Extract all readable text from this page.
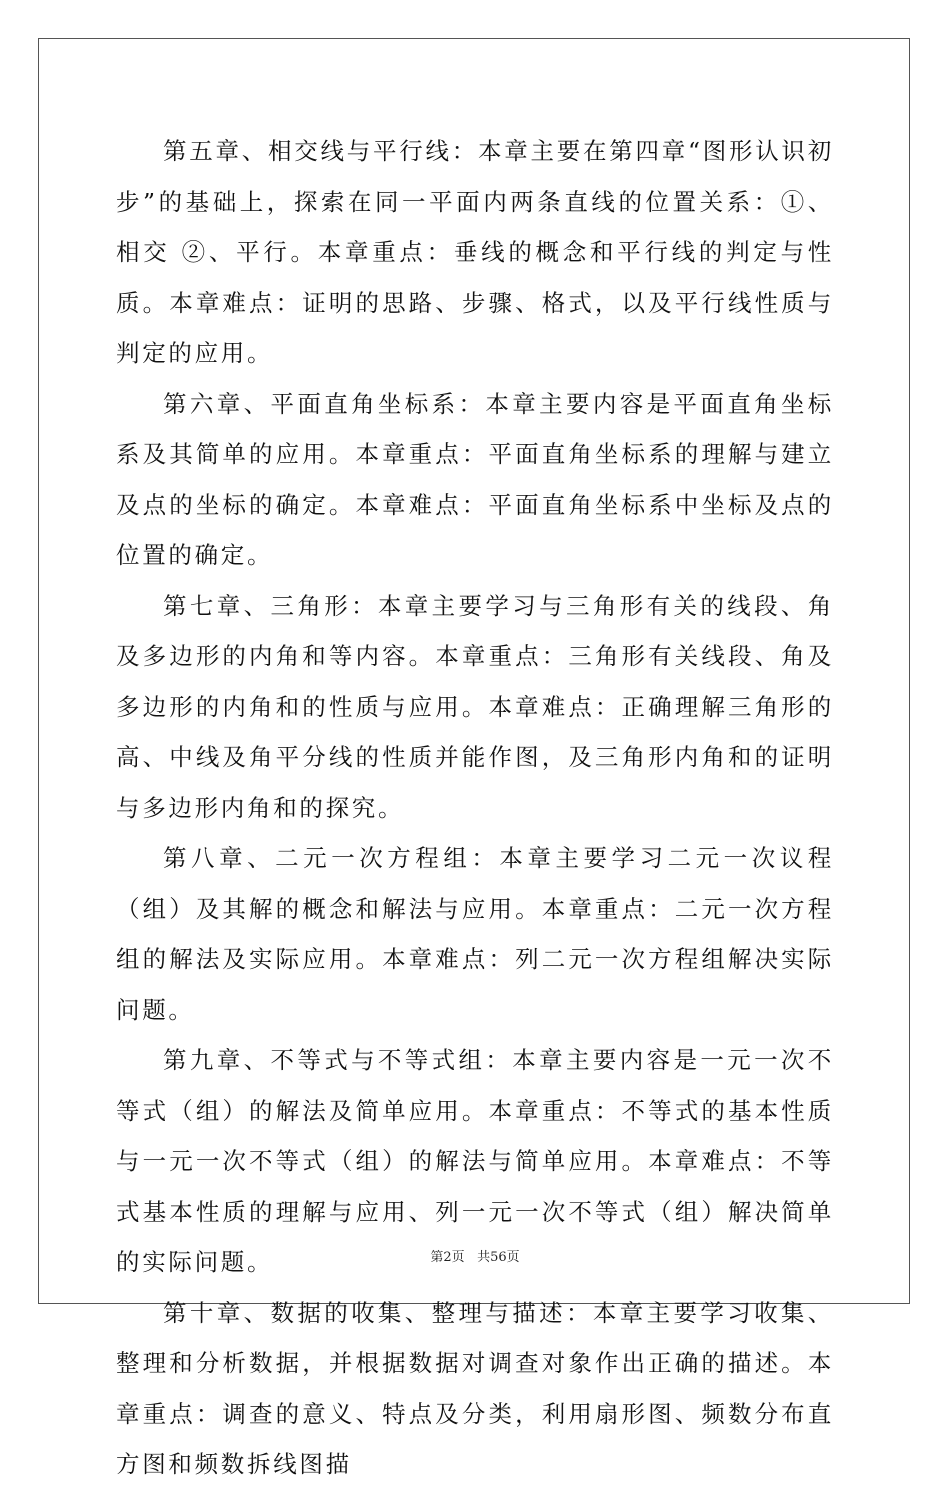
第五章、相交线与平行线：本章主要在第四章“图形认识初步”的基础上，探索在同一平面内两条直线的位置关系：①、相交 ②、平行。本章重点：垂线的概念和平行线的判定与性质。本章难点：证明的思路、步骤、格式，以及平行线性质与判定的应用。

第六章、平面直角坐标系：本章主要内容是平面直角坐标系及其简单的应用。本章重点：平面直角坐标系的理解与建立及点的坐标的确定。本章难点：平面直角坐标系中坐标及点的位置的确定。

第七章、三角形：本章主要学习与三角形有关的线段、角及多边形的内角和等内容。本章重点：三角形有关线段、角及多边形的内角和的性质与应用。本章难点：正确理解三角形的高、中线及角平分线的性质并能作图，及三角形内角和的证明与多边形内角和的探究。

第八章、二元一次方程组：本章主要学习二元一次议程（组）及其解的概念和解法与应用。本章重点：二元一次方程组的解法及实际应用。本章难点：列二元一次方程组解决实际问题。

第九章、不等式与不等式组：本章主要内容是一元一次不等式（组）的解法及简单应用。本章重点：不等式的基本性质与一元一次不等式（组）的解法与简单应用。本章难点：不等式基本性质的理解与应用、列一元一次不等式（组）解决简单的实际问题。

第十章、数据的收集、整理与描述：本章主要学习收集、整理和分析数据，并根据数据对调查对象作出正确的描述。本章重点：调查的意义、特点及分类，利用扇形图、频数分布直方图和频数拆线图描

第2页 共56页
